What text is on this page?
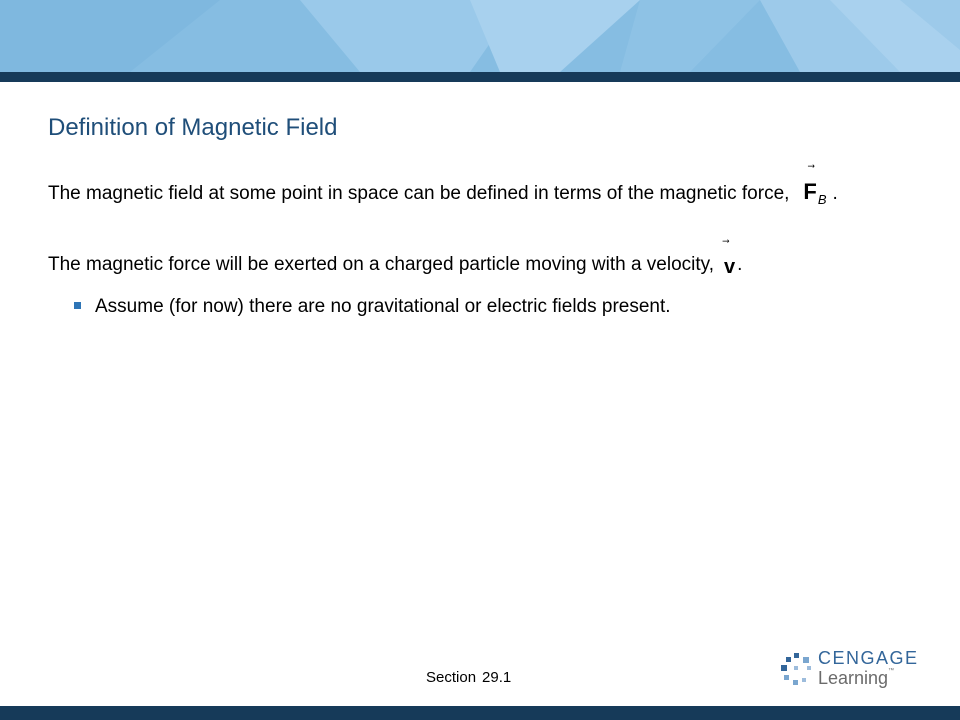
Definition of Magnetic Field
The magnetic field at some point in space can be defined in terms of the magnetic force, $F_B$ .
The magnetic force will be exerted on a charged particle moving with a velocity, v .
Assume (for now) there are no gravitational or electric fields present.
Section 29.1
CENGAGE
Learning™
